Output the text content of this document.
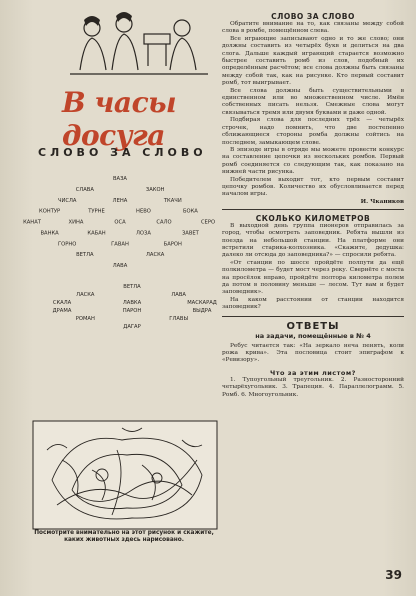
В часы досуга
СЛОВО ЗА СЛОВО
ВАЗА
СЛАВА	ЗАКОН
ЧИСЛА	ЛЕНА	ТКАЧИ
КОНТУР	ТУРНЕ	НЕВО	БОКА
КАНАТ	ХИНА	ОСА	САЛО	СЕРО
ВАНКА	КАБАН	ЛОЗА	ЗАВЕТ
ГОРНО	ГАВАН	БАРОН
ВЕТЛА	ЛАСКА
ЛАВА
ВЕТЛА
ЛАСКА	ЛАВА
СКАЛА	ЛАВКА	МАСКАРАД
ДРАМА	ПАРОН	ВЫДРА
РОМАН	ГЛАВЫ
ДАГАР
Посмотрите внимательно на этот рисунок и скажите, каких животных здесь нарисовано.

СЛОВО ЗА СЛОВО

Обратите внимание на то, как связаны между собой слова в ромбе, помещённом слева.

Все играющие записывают одно и то же слово; они должны составить из четырёх букв и делиться на два слога. Дальше каждый играющий старается возможно быстрее составить ромб из слов, подобный их определённым расчётом; все слова должны быть связаны между собой так, как на рисунке. Кто первый составит ромб, тот выигрывает.

Все слова должны быть существительными в единственном или во множественном числе. Имён собственных писать нельзя. Смежные слова могут связываться тремя или двумя буквами и даже одной.

Подбирая слова для последних трёх — четырёх строчек, надо помнить, что две постепенно сближающиеся стороны ромба должны сойтись на последнем, замыкающем слове.

В эпизоде игры в отряде мы можете провести конкурс на составление цепочки из нескольких ромбов. Первый ромб соединяется со следующим так, как показано на нижней части рисунка.

Победителем выходит тот, кто первым составит цепочку ромбов. Количество их обусловливается перед началом игры.

И. Чкаников

СКОЛЬКО КИЛОМЕТРОВ

В выходной день группа пионеров отправилась за город, чтобы осмотреть заповедник. Ребята вышли из поезда на небольшой станции. На платформе они встретили старика-колхозника. «Скажите, дедушка: далеко ли отсюда до заповедника?» — спросили ребята.

«От станции по шоссе пройдёте полпути да ещё полкилометра — будет мост через реку. Свернёте с моста на просёлок вправо, пройдёте полтора километра полем да потом в половину меньше — лесом. Тут вам и будет заповедник».

На каком расстоянии от станции находится заповедник?

ОТВЕТЫ

на задачи, помещённые в № 4

Ребус читается так: «На зеркало неча пенять, коли рожа крива». Эта пословица стоит эпиграфом к «Ревизору».

Что за этим листом?

1. Тупоугольный треугольник. 2. Разносторонний четырёхугольник. 3. Трапеция. 4. Параллелограмм. 5. Ромб. 6. Многоугольник.

39
